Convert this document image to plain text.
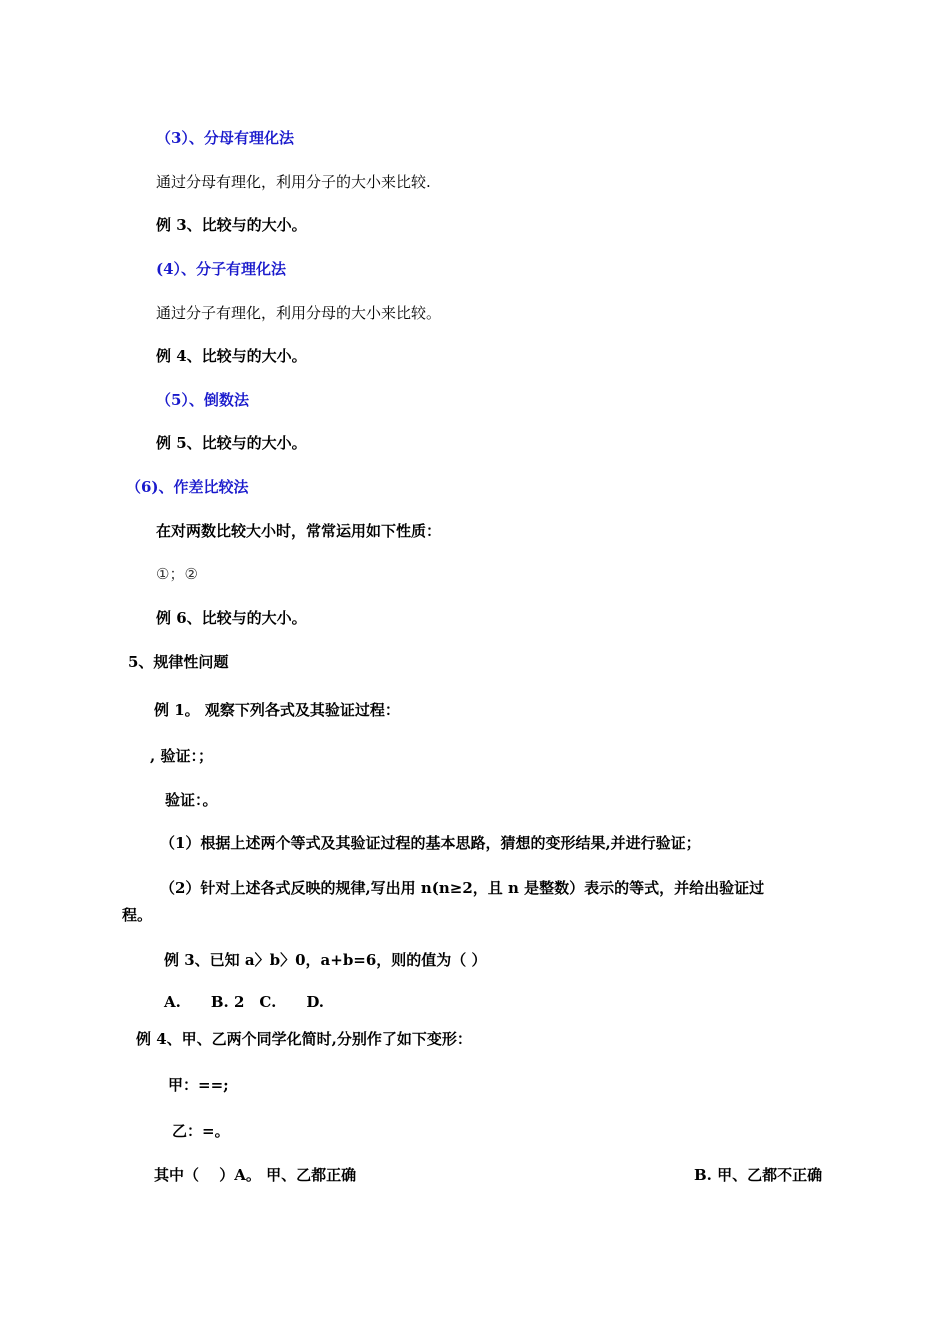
（3）、分母有理化法
通过分母有理化，利用分子的大小来比较.
例 3、比较与的大小。
(4）、分子有理化法
通过分子有理化，利用分母的大小来比较。
例 4、比较与的大小。
（5）、倒数法
例 5、比较与的大小。
（6)、作差比较法
在对两数比较大小时，常常运用如下性质：
①；②
例 6、比较与的大小。
5、规律性问题
例 1。 观察下列各式及其验证过程：
, 验证：；
验证：。
（1）根据上述两个等式及其验证过程的基本思路，猜想的变形结果,并进行验证；
（2）针对上述各式反映的规律,写出用 n(n≥2，且 n 是整数）表示的等式，并给出验证过
程。
例 3、已知 a〉b〉0，a+b=6，则的值为（ ）
A.　　B. 2　C.　　D.
例 4、甲、乙两个同学化简时,分别作了如下变形：
甲：==;
乙：=。
其中（　 ）A。 甲、乙都正确	B. 甲、乙都不正确
